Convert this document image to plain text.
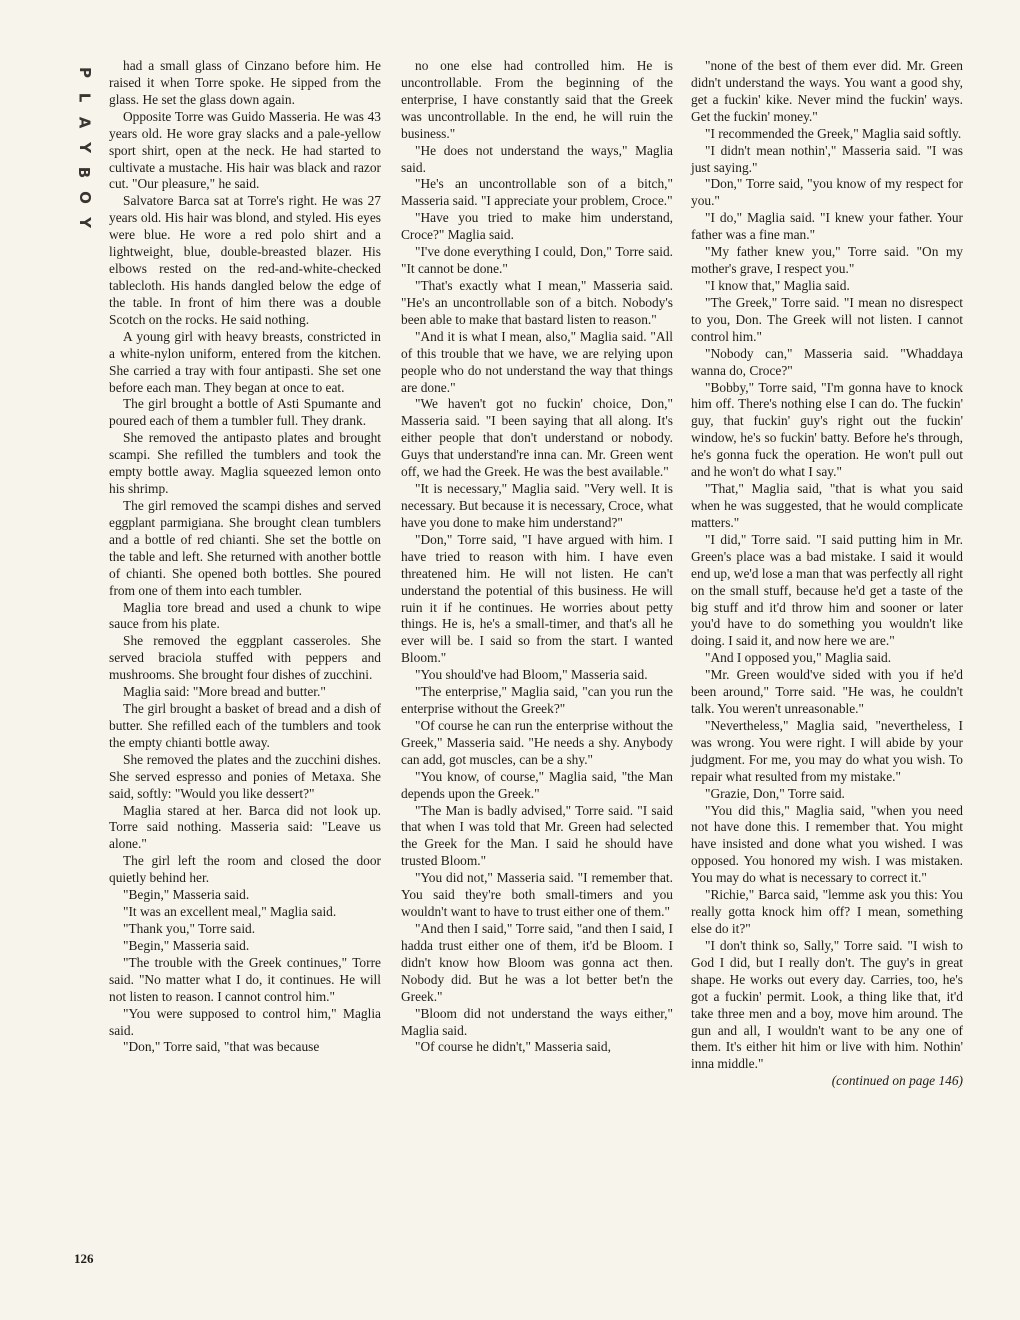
P
L
A
Y
B
O
Y

had a small glass of Cinzano before him. He raised it when Torre spoke. He sipped from the glass. He set the glass down again.

Opposite Torre was Guido Masseria. He was 43 years old. He wore gray slacks and a pale-yellow sport shirt, open at the neck. He had started to cultivate a mustache. His hair was black and razor cut. "Our pleasure," he said.

Salvatore Barca sat at Torre's right. He was 27 years old. His hair was blond, and styled. His eyes were blue. He wore a red polo shirt and a lightweight, blue, double-breasted blazer. His elbows rested on the red-and-white-checked tablecloth. His hands dangled below the edge of the table. In front of him there was a double Scotch on the rocks. He said nothing.

A young girl with heavy breasts, constricted in a white-nylon uniform, entered from the kitchen. She carried a tray with four antipasti. She set one before each man. They began at once to eat.

The girl brought a bottle of Asti Spumante and poured each of them a tumbler full. They drank.

She removed the antipasto plates and brought scampi. She refilled the tumblers and took the empty bottle away. Maglia squeezed lemon onto his shrimp.

The girl removed the scampi dishes and served eggplant parmigiana. She brought clean tumblers and a bottle of red chianti. She set the bottle on the table and left. She returned with another bottle of chianti. She opened both bottles. She poured from one of them into each tumbler.

Maglia tore bread and used a chunk to wipe sauce from his plate.

She removed the eggplant casseroles. She served braciola stuffed with peppers and mushrooms. She brought four dishes of zucchini.

Maglia said: "More bread and butter."

The girl brought a basket of bread and a dish of butter. She refilled each of the tumblers and took the empty chianti bottle away.

She removed the plates and the zucchini dishes. She served espresso and ponies of Metaxa. She said, softly: "Would you like dessert?"

Maglia stared at her. Barca did not look up. Torre said nothing. Masseria said: "Leave us alone."

The girl left the room and closed the door quietly behind her.

"Begin," Masseria said.

"It was an excellent meal," Maglia said.

"Thank you," Torre said.

"Begin," Masseria said.

"The trouble with the Greek continues," Torre said. "No matter what I do, it continues. He will not listen to reason. I cannot control him."

"You were supposed to control him," Maglia said.

"Don," Torre said, "that was because

no one else had controlled him. He is uncontrollable. From the beginning of the enterprise, I have constantly said that the Greek was uncontrollable. In the end, he will ruin the business."

"He does not understand the ways," Maglia said.

"He's an uncontrollable son of a bitch," Masseria said. "I appreciate your problem, Croce."

"Have you tried to make him understand, Croce?" Maglia said.

"I've done everything I could, Don," Torre said. "It cannot be done."

"That's exactly what I mean," Masseria said. "He's an uncontrollable son of a bitch. Nobody's been able to make that bastard listen to reason."

"And it is what I mean, also," Maglia said. "All of this trouble that we have, we are relying upon people who do not understand the way that things are done."

"We haven't got no fuckin' choice, Don," Masseria said. "I been saying that all along. It's either people that don't understand or nobody. Guys that understand're inna can. Mr. Green went off, we had the Greek. He was the best available."

"It is necessary," Maglia said. "Very well. It is necessary. But because it is necessary, Croce, what have you done to make him understand?"

"Don," Torre said, "I have argued with him. I have tried to reason with him. I have even threatened him. He will not listen. He can't understand the potential of this business. He will ruin it if he continues. He worries about petty things. He is, he's a small-timer, and that's all he ever will be. I said so from the start. I wanted Bloom."

"You should've had Bloom," Masseria said.

"The enterprise," Maglia said, "can you run the enterprise without the Greek?"

"Of course he can run the enterprise without the Greek," Masseria said. "He needs a shy. Anybody can add, got muscles, can be a shy."

"You know, of course," Maglia said, "the Man depends upon the Greek."

"The Man is badly advised," Torre said. "I said that when I was told that Mr. Green had selected the Greek for the Man. I said he should have trusted Bloom."

"You did not," Masseria said. "I remember that. You said they're both small-timers and you wouldn't want to have to trust either one of them."

"And then I said," Torre said, "and then I said, I hadda trust either one of them, it'd be Bloom. I didn't know how Bloom was gonna act then. Nobody did. But he was a lot better bet'n the Greek."

"Bloom did not understand the ways either," Maglia said.

"Of course he didn't," Masseria said,

"none of the best of them ever did. Mr. Green didn't understand the ways. You want a good shy, get a fuckin' kike. Never mind the fuckin' ways. Get the fuckin' money."

"I recommended the Greek," Maglia said softly.

"I didn't mean nothin'," Masseria said. "I was just saying."

"Don," Torre said, "you know of my respect for you."

"I do," Maglia said. "I knew your father. Your father was a fine man."

"My father knew you," Torre said. "On my mother's grave, I respect you."

"I know that," Maglia said.

"The Greek," Torre said. "I mean no disrespect to you, Don. The Greek will not listen. I cannot control him."

"Nobody can," Masseria said. "Whaddaya wanna do, Croce?"

"Bobby," Torre said, "I'm gonna have to knock him off. There's nothing else I can do. The fuckin' guy, that fuckin' guy's right out the fuckin' window, he's so fuckin' batty. Before he's through, he's gonna fuck the operation. He won't pull out and he won't do what I say."

"That," Maglia said, "that is what you said when he was suggested, that he would complicate matters."

"I did," Torre said. "I said putting him in Mr. Green's place was a bad mistake. I said it would end up, we'd lose a man that was perfectly all right on the small stuff, because he'd get a taste of the big stuff and it'd throw him and sooner or later you'd have to do something you wouldn't like doing. I said it, and now here we are."

"And I opposed you," Maglia said.

"Mr. Green would've sided with you if he'd been around," Torre said. "He was, he couldn't talk. You weren't unreasonable."

"Nevertheless," Maglia said, "nevertheless, I was wrong. You were right. I will abide by your judgment. For me, you may do what you wish. To repair what resulted from my mistake."

"Grazie, Don," Torre said.

"You did this," Maglia said, "when you need not have done this. I remember that. You might have insisted and done what you wished. I was opposed. You honored my wish. I was mistaken. You may do what is necessary to correct it."

"Richie," Barca said, "lemme ask you this: You really gotta knock him off? I mean, something else do it?"

"I don't think so, Sally," Torre said. "I wish to God I did, but I really don't. The guy's in great shape. He works out every day. Carries, too, he's got a fuckin' permit. Look, a thing like that, it'd take three men and a boy, move him around. The gun and all, I wouldn't want to be any one of them. It's either hit him or live with him. Nothin' inna middle."

(continued on page 146)

126
